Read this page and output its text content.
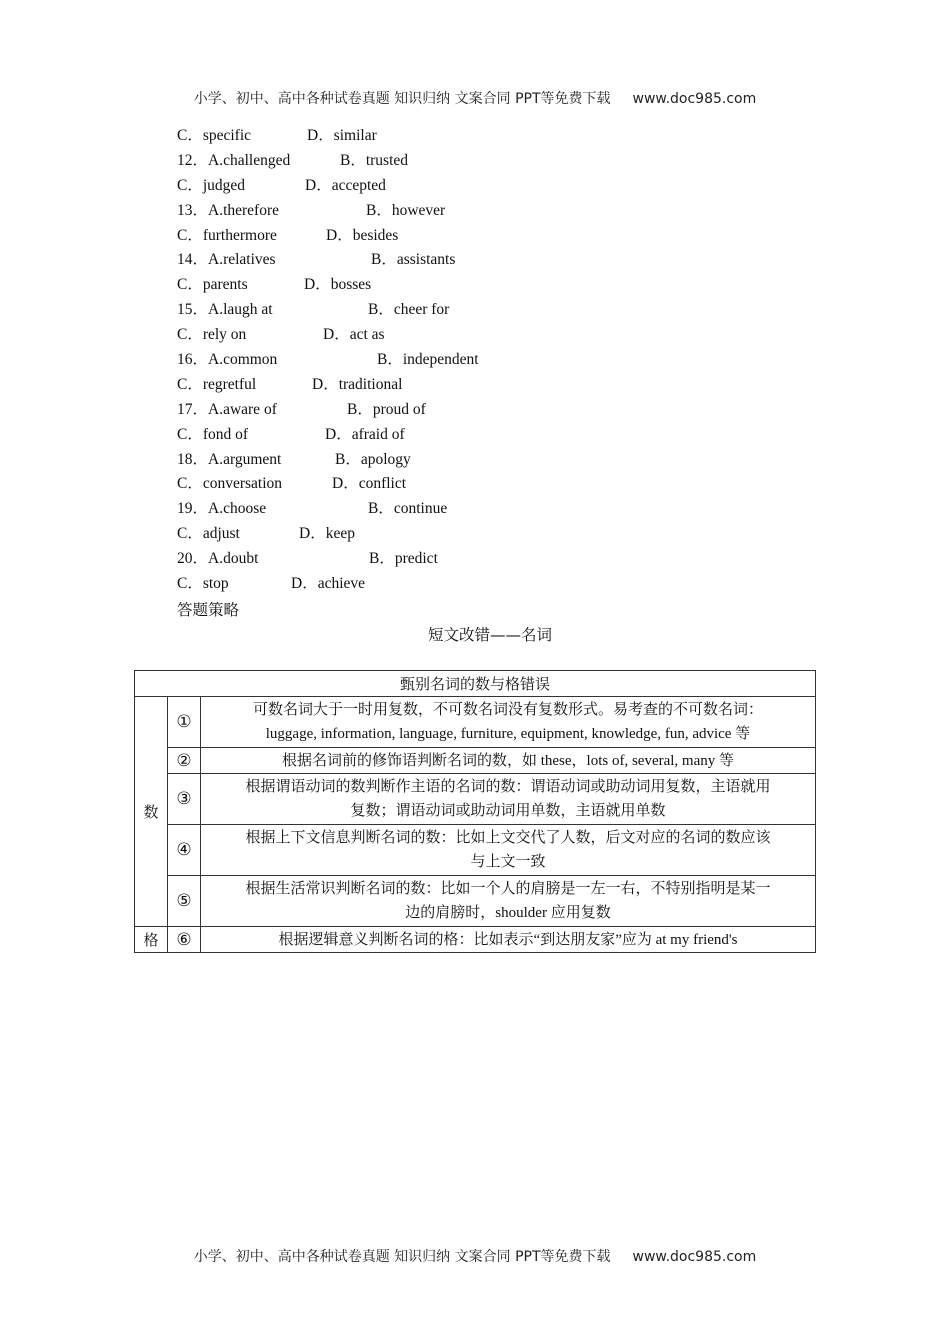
小学、初中、高中各种试卷真题 知识归纳 文案合同 PPT等免费下载 www.doc985.com
C．specific	D．similar
12．A.challenged	B．trusted
C．judged	D．accepted
13．A.therefore	B．however
C．furthermore	D．besides
14．A.relatives	B．assistants
C．parents	D．bosses
15．A.laugh at	B．cheer for
C．rely on	D．act as
16．A.common	B．independent
C．regretful	D．traditional
17．A.aware of	B．proud of
C．fond of	D．afraid of
18．A.argument	B．apology
C．conversation	D．conflict
19．A.choose	B．continue
C．adjust	D．keep
20．A.doubt	B．predict
C．stop	D．achieve
答题策略
短文改错——名词
甄别名词的数与格错误		
数	①	可数名词大于一时用复数，不可数名词没有复数形式。易考查的不可数名词：
luggage, information, language, furniture, equipment, knowledge, fun, advice 等

	②	根据名词前的修饰语判断名词的数，如 these，lots of, several, many 等

	③	根据谓语动词的数判断作主语的名词的数：谓语动词或助动词用复数，主语就用
复数；谓语动词或助动词用单数，主语就用单数

	④	根据上下文信息判断名词的数：比如上文交代了人数，后文对应的名词的数应该
与上文一致

	⑤	根据生活常识判断名词的数：比如一个人的肩膀是一左一右，不特别指明是某一
边的肩膀时，shoulder 应用复数

格	⑥	根据逻辑意义判断名词的格：比如表示“到达朋友家”应为 at my friend's
小学、初中、高中各种试卷真题 知识归纳 文案合同 PPT等免费下载 www.doc985.com
